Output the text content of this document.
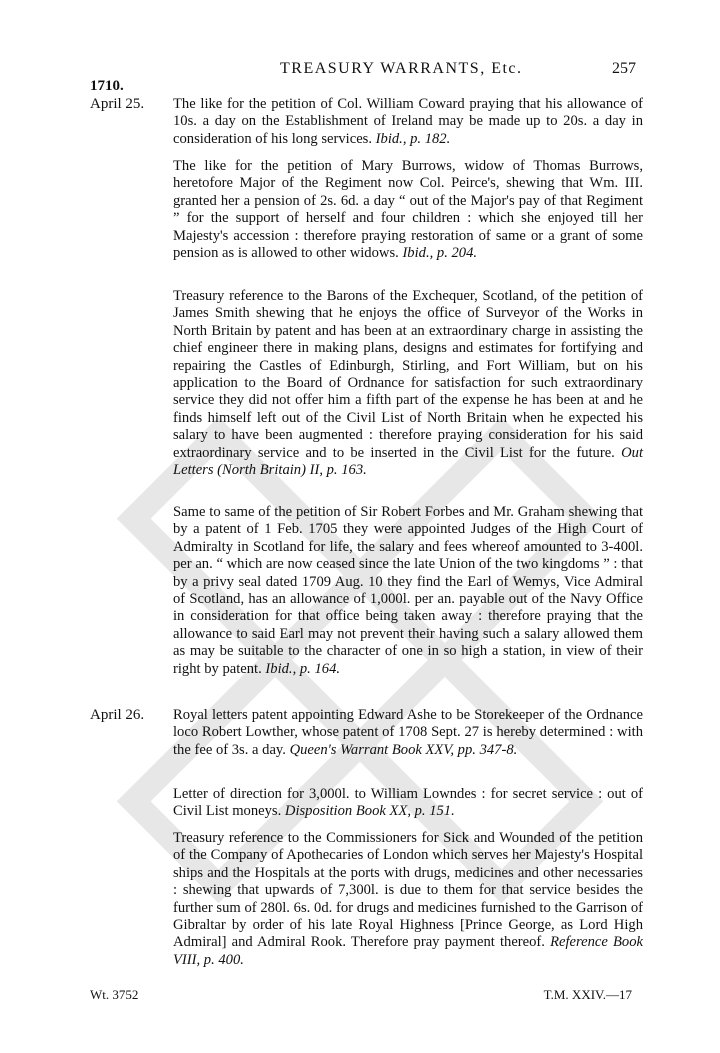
TREASURY WARRANTS, Etc.	257
1710.
April 25.
April 26.
The like for the petition of Col. William Coward praying that his allowance of 10s. a day on the Establishment of Ireland may be made up to 20s. a day in consideration of his long services. Ibid., p. 182.
The like for the petition of Mary Burrows, widow of Thomas Burrows, heretofore Major of the Regiment now Col. Peirce's, shewing that Wm. III. granted her a pension of 2s. 6d. a day “ out of the Major's pay of that Regiment ” for the support of herself and four children : which she enjoyed till her Majesty's accession : therefore praying restoration of same or a grant of some pension as is allowed to other widows. Ibid., p. 204.
Treasury reference to the Barons of the Exchequer, Scotland, of the petition of James Smith shewing that he enjoys the office of Surveyor of the Works in North Britain by patent and has been at an extraordinary charge in assisting the chief engineer there in making plans, designs and estimates for fortifying and repairing the Castles of Edinburgh, Stirling, and Fort William, but on his application to the Board of Ordnance for satisfaction for such extraordinary service they did not offer him a fifth part of the expense he has been at and he finds himself left out of the Civil List of North Britain when he expected his salary to have been augmented : therefore praying consideration for his said extraordinary service and to be inserted in the Civil List for the future. Out Letters (North Britain) II, p. 163.
Same to same of the petition of Sir Robert Forbes and Mr. Graham shewing that by a patent of 1 Feb. 1705 they were appointed Judges of the High Court of Admiralty in Scotland for life, the salary and fees whereof amounted to 3-400l. per an. “ which are now ceased since the late Union of the two kingdoms ” : that by a privy seal dated 1709 Aug. 10 they find the Earl of Wemys, Vice Admiral of Scotland, has an allowance of 1,000l. per an. payable out of the Navy Office in consideration for that office being taken away : therefore praying that the allowance to said Earl may not prevent their having such a salary allowed them as may be suitable to the character of one in so high a station, in view of their right by patent. Ibid., p. 164.
Royal letters patent appointing Edward Ashe to be Storekeeper of the Ordnance loco Robert Lowther, whose patent of 1708 Sept. 27 is hereby determined : with the fee of 3s. a day. Queen's Warrant Book XXV, pp. 347-8.
Letter of direction for 3,000l. to William Lowndes : for secret service : out of Civil List moneys. Disposition Book XX, p. 151.
Treasury reference to the Commissioners for Sick and Wounded of the petition of the Company of Apothecaries of London which serves her Majesty's Hospital ships and the Hospitals at the ports with drugs, medicines and other necessaries : shewing that upwards of 7,300l. is due to them for that service besides the further sum of 280l. 6s. 0d. for drugs and medicines furnished to the Garrison of Gibraltar by order of his late Royal Highness [Prince George, as Lord High Admiral] and Admiral Rook. Therefore pray payment thereof. Reference Book VIII, p. 400.
Wt. 3752	T.M. XXIV.—17
